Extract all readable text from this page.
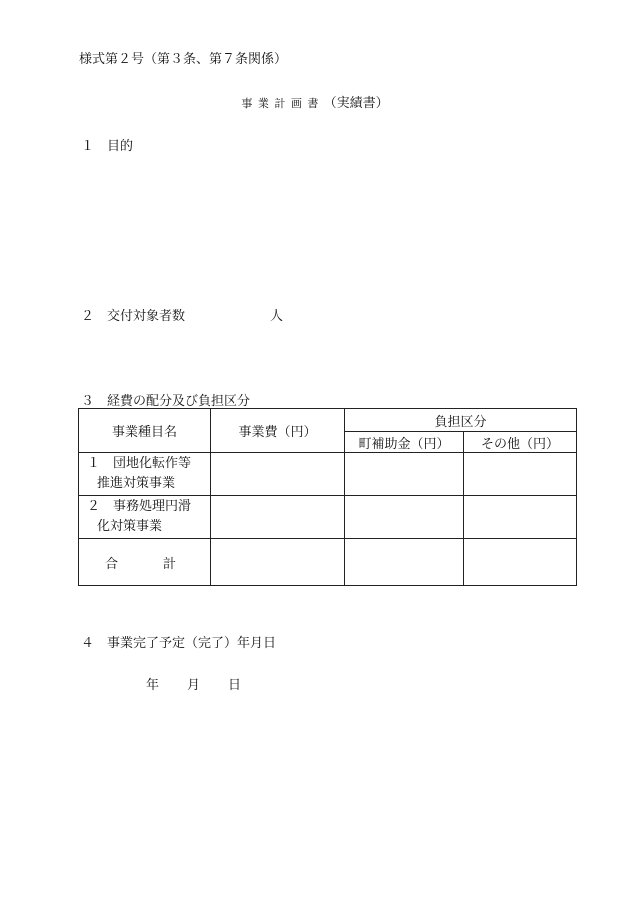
様式第２号（第３条、第７条関係）
事 業 計 画 書 （実績書）
１ 目的
２ 交付対象者数	人
３ 経費の配分及び負担区分
事業種目名	事業費（円）	負担区分	
		町補助金（円）	その他（円）
１　団地化転作等
推進対策事業			

２　事務処理円滑
化対策事業			

合　計			
４ 事業完了予定（完了）年月日
年 月 日
